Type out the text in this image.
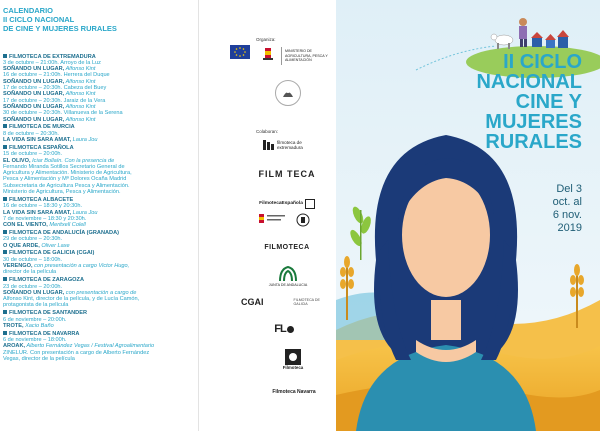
CALENDARIO
II CICLO NACIONAL
DE CINE Y MUJERES RURALES
FILMOTECA DE EXTREMADURA
3 de octubre – 21:00h. Arroyo de la Luz
SOÑANDO UN LUGAR, Alfonso Kint
16 de octubre – 21:00h. Herrera del Duque
SOÑANDO UN LUGAR, Alfonso Kint
17 de octubre – 20:30h. Cabeza del Buey
SOÑANDO UN LUGAR, Alfonso Kint
17 de octubre – 20:30h. Jaraiz de la Vera
SOÑANDO UN LUGAR, Alfonso Kint
30 de octubre – 20:30h. Villanueva de la Serena
SOÑANDO UN LUGAR, Alfonso Kint
FILMOTECA DE MURCIA
8 de octubre – 20:30h.
LA VIDA SIN SARA AMAT, Laura Jou
FILMOTECA ESPAÑOLA
15 de octubre – 20:00h.
EL OLIVO, Iciar Bollaín. Con la presencia de
Fernando Miranda Sotillos Secretario General de
Agricultura y Alimentación. Ministerio de Agricultura,
Pesca y Alimentación y Mª Dolores Ocaña Madrid
Subsecretaria de Agricultura Pesca y Alimentación.
Ministerio de Agricultura, Pesca y Alimentación.
FILMOTECA ALBACETE
16 de octubre – 18:30 y 20:30h.
LA VIDA SIN SARA AMAT, Laura Jou
7 de noviembre – 18:30 y 20:30h.
CON EL VIENTO, Meritxell Colell
FILMOTECA DE ANDALUCÍA (GRANADA)
29 de octubre – 20:30h.
O QUE ARDE, Oliver Laxe
FILMOTECA DE GALICIA (CGAI)
30 de octubre – 18:00h.
VERENGO, con presentación a cargo Victor Hugo,
director de la película
FILMOTECA DE ZARAGOZA
23 de octubre – 20:00h.
SOÑANDO UN LUGAR, con presentación a cargo de
Alfonso Kint, director de la película, y de Lucía Camón,
protagonista de la película
FILMOTECA DE SANTANDER
6 de noviembre – 20:00h.
TROTE, Xacio Baño
FILMOTECA DE NAVARRA
6 de noviembre – 18:00h.
AROAK, Alberto Fernández Vegas / Festival Agroalimentario
ZINELUR. Con presentación a cargo de Alberto Fernández
Vegas, director de la película
Organiza:
MINISTERIO DE AGRICULTURA, PESCA Y ALIMENTACIÓN
Colaboran:
filmoteca de extremadura
FILM TECA
FilmotecaEspañola
FILMOTECA
JUNTA DE ANDALUCIA
CGAI	FILMOTECA DE GALICIA
FL
Filmoteca
Filmoteca Navarra
II CICLO
NACIONAL
CINE Y
MUJERES
RURALES
Del 3
oct. al
6 nov.
2019
